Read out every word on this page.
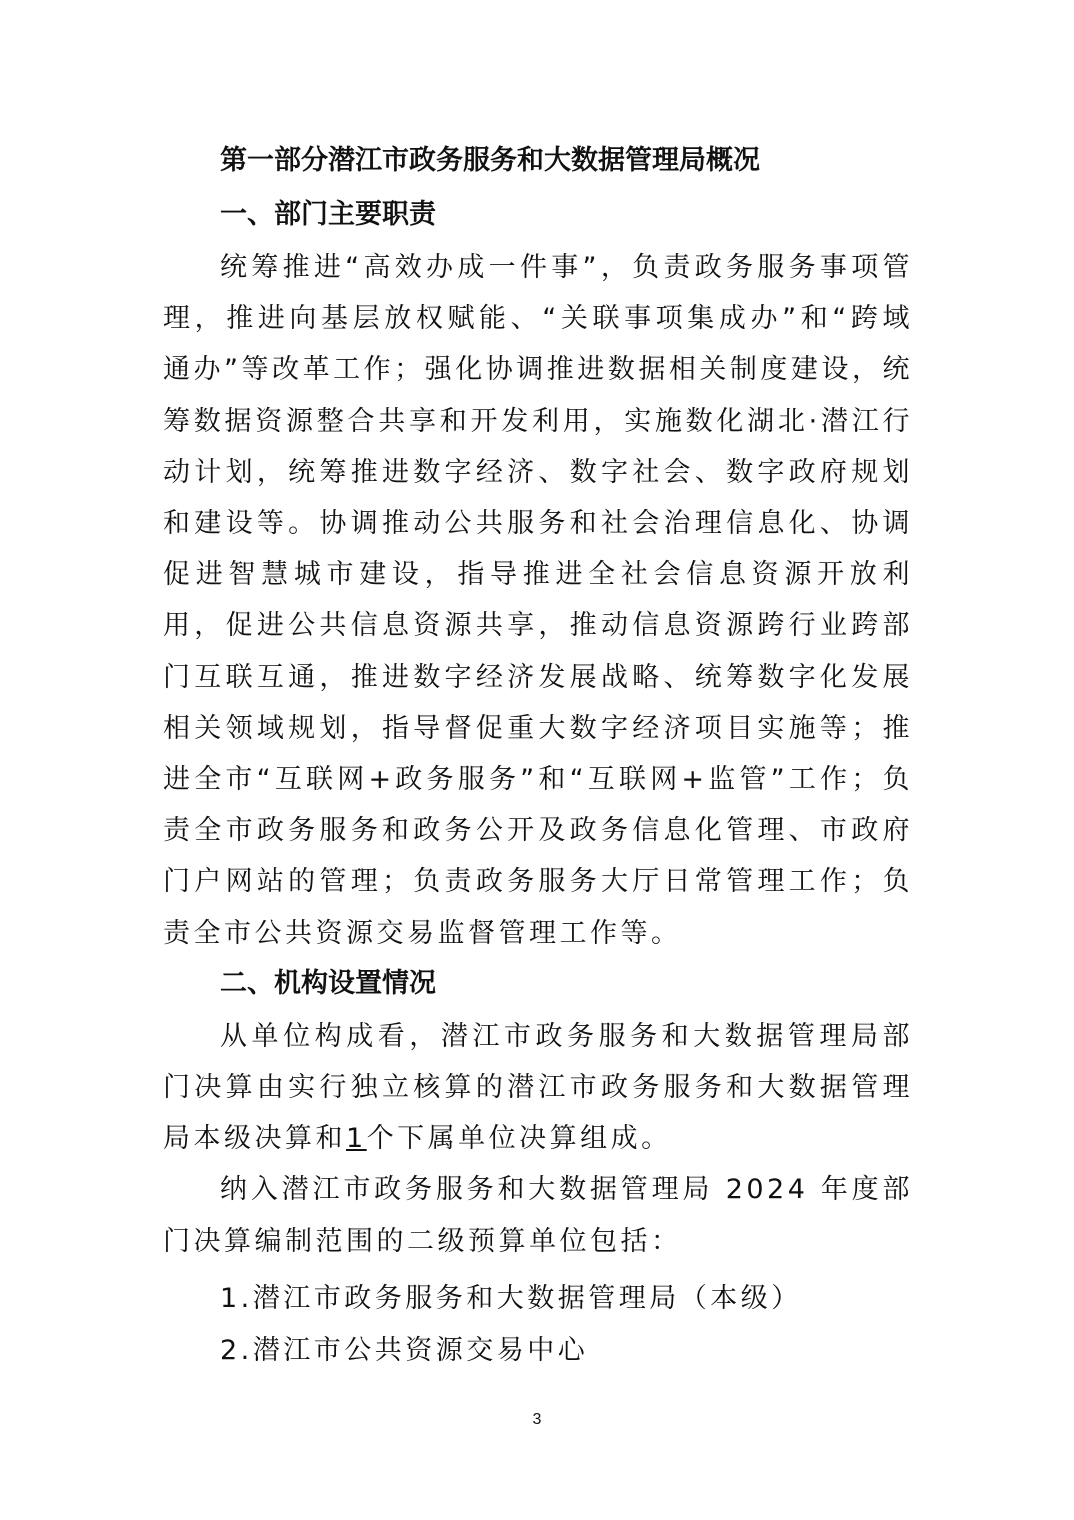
第一部分潜江市政务服务和大数据管理局概况
一、部门主要职责

统筹推进“高效办成一件事”，负责政务服务事项管理，推进向基层放权赋能、“关联事项集成办”和“跨域通办”等改革工作；强化协调推进数据相关制度建设，统筹数据资源整合共享和开发利用，实施数化湖北·潜江行动计划，统筹推进数字经济、数字社会、数字政府规划和建设等。协调推动公共服务和社会治理信息化、协调促进智慧城市建设，指导推进全社会信息资源开放利用，促进公共信息资源共享，推动信息资源跨行业跨部门互联互通，推进数字经济发展战略、统筹数字化发展相关领域规划，指导督促重大数字经济项目实施等；推进全市“互联网+政务服务”和“互联网+监管”工作；负责全市政务服务和政务公开及政务信息化管理、市政府门户网站的管理；负责政务服务大厅日常管理工作；负责全市公共资源交易监督管理工作等。

二、机构设置情况

从单位构成看，潜江市政务服务和大数据管理局部门决算由实行独立核算的潜江市政务服务和大数据管理局本级决算和1个下属单位决算组成。

纳入潜江市政务服务和大数据管理局 2024 年度部门决算编制范围的二级预算单位包括：

1.潜江市政务服务和大数据管理局（本级）

2.潜江市公共资源交易中心

3
